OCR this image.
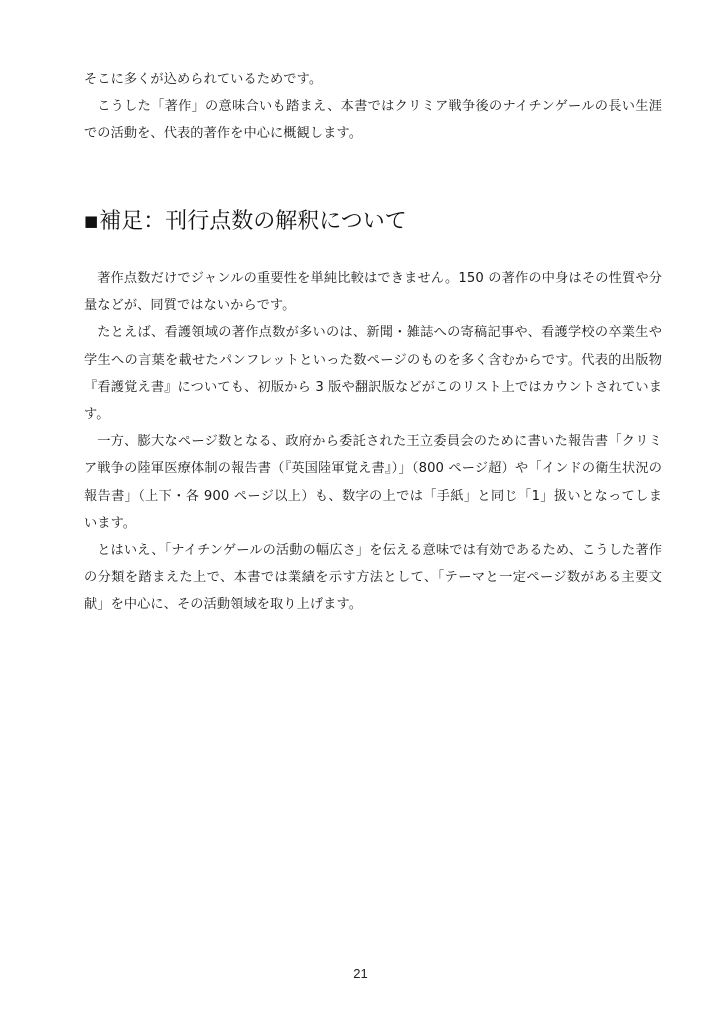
そこに多くが込められているためです。

こうした「著作」の意味合いも踏まえ、本書ではクリミア戦争後のナイチンゲールの長い生涯での活動を、代表的著作を中心に概観します。

■補足：刊行点数の解釈について

著作点数だけでジャンルの重要性を単純比較はできません。150 の著作の中身はその性質や分量などが、同質ではないからです。

たとえば、看護領域の著作点数が多いのは、新聞・雑誌への寄稿記事や、看護学校の卒業生や学生への言葉を載せたパンフレットといった数ページのものを多く含むからです。代表的出版物『看護覚え書』についても、初版から 3 版や翻訳版などがこのリスト上ではカウントされています。

一方、膨大なページ数となる、政府から委託された王立委員会のために書いた報告書「クリミア戦争の陸軍医療体制の報告書（『英国陸軍覚え書』）」（800 ページ超）や「インドの衛生状況の報告書」（上下・各 900 ページ以上）も、数字の上では「手紙」と同じ「1」扱いとなってしまいます。

とはいえ、「ナイチンゲールの活動の幅広さ」を伝える意味では有効であるため、こうした著作の分類を踏まえた上で、本書では業績を示す方法として、「テーマと一定ページ数がある主要文献」を中心に、その活動領域を取り上げます。

21
